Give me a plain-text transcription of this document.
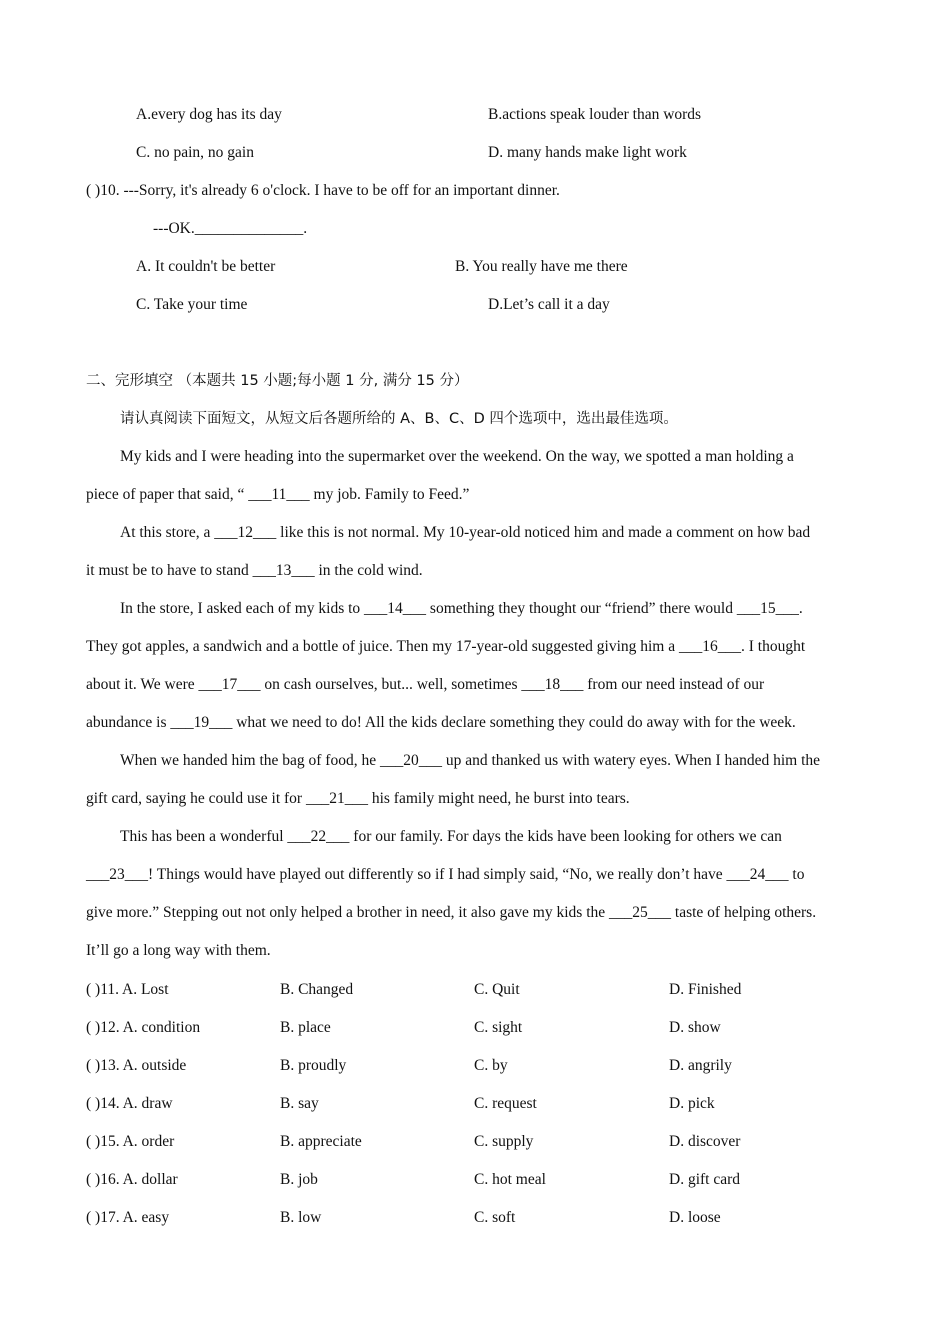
A.every dog has its day	B.actions speak louder than words
C. no pain, no gain	D. many hands make light work
( )10. ---Sorry, it's already 6 o'clock. I have to be off for an important dinner.
---OK.______________.
A. It couldn't be better	B. You really have me there
C. Take your time	D.Let’s call it a day
二、完形填空 （本题共 15 小题;每小题 1 分, 满分 15 分）
请认真阅读下面短文，从短文后各题所给的 A、B、C、D 四个选项中，选出最佳选项。
My kids and I were heading into the supermarket over the weekend. On the way, we spotted a man holding a
piece of paper that said, “ ___11___ my job. Family to Feed.”
At this store, a ___12___ like this is not normal. My 10-year-old noticed him and made a comment on how bad
it must be to have to stand ___13___ in the cold wind.
In the store, I asked each of my kids to ___14___ something they thought our “friend” there would ___15___.
They got apples, a sandwich and a bottle of juice. Then my 17-year-old suggested giving him a ___16___. I thought
about it. We were ___17___ on cash ourselves, but... well, sometimes ___18___ from our need instead of our
abundance is ___19___ what we need to do! All the kids declare something they could do away with for the week.
When we handed him the bag of food, he ___20___ up and thanked us with watery eyes. When I handed him the
gift card, saying he could use it for ___21___ his family might need, he burst into tears.
This has been a wonderful ___22___ for our family. For days the kids have been looking for others we can
___23___! Things would have played out differently so if I had simply said, “No, we really don’t have ___24___ to
give more.” Stepping out not only helped a brother in need, it also gave my kids the ___25___ taste of helping others.
It’ll go a long way with them.
( )11. A. Lost	B. Changed	C. Quit	D. Finished
( )12. A. condition	B. place	C. sight	D. show
( )13. A. outside	B. proudly	C. by	D. angrily
( )14. A. draw	B. say	C. request	D. pick
( )15. A. order	B. appreciate	C. supply	D. discover
( )16. A. dollar	B. job	C. hot meal	D. gift card
( )17. A. easy	B. low	C. soft	D. loose
